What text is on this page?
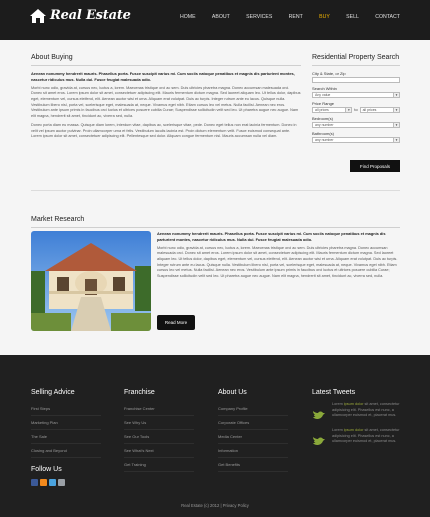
Real Estate	HOME	ABOUT	SERVICES	RENT	BUY	SELL	CONTACT
About Buying

Aenean nonummy hendrerit mauris. Phasellus porta. Fusce suscipit varius mi. Cum sociis natoque penatibus et magnis dis parturient montes, nascetur ridiculus mus. Nulla dui. Fusce feugiat malesuada odio.

Morbi nunc odio, gravida at, cursus nec, luctus a, lorem. Maecenas tristique orci ac sem. Duis ultricies pharetra magna. Donec accumsan malesuada orci. Donec sit amet eros. Lorem ipsum dolor sit amet, consectetuer adipiscing elit. Mauris fermentum dictum magna. Sed laoreet aliquam leo. Ut tellus dolor, dapibus eget, elementum vel, cursus eleifend, elit. Aenean auctor wisi et urna. Aliquam erat volutpat. Duis ac turpis. Integer rutrum ante eu lacus. Quisque nulla. Vestibulum libero nisl, porta vel, scelerisque eget, malesuada at, neque. Vivamus eget nibh. Etiam cursus leo vel metus. Nulla facilisi. Aenean nec eros. Vestibulum ante ipsum primis in faucibus orci luctus et ultrices posuere cubilia Curae; Suspendisse sollicitudin velit sed leo. Ut pharetra augue nec augue. Nam elit magna, hendrerit sit amet, tincidunt ac, viverra sed, nulla.

Donec porta diam eu massa. Quisque diam lorem, interdum vitae, dapibus ac, scelerisque vitae, pede. Donec eget tellus non erat lacinia fermentum. Donec in velit vel ipsum auctor pulvinar. Proin ullamcorper urna et felis. Vestibulum iaculis lacinia est. Proin dictum elementum velit. Fusce euismod consequat ante. Lorem ipsum dolor sit amet, consectetuer adipiscing elit. Pellentesque sed dolor. Aliquam congue fermentum nisl. Mauris accumsan nulla vel diam.

Residential Property Search
City & State, or Zip
Search Within
Any value	▼
Price Range
all prices	▼ to	all prices	▼
Bedroom(s)
any number	▼
Bathroom(s)
any number	▼
Find Proposals
Market Research

Aenean nonummy hendrerit mauris. Phasellus porta. Fusce suscipit varius mi. Cum sociis natoque penatibus et magnis dis parturient montes, nascetur ridiculus mus. Nulla dui. Fusce feugiat malesuada odio.

Morbi nunc odio, gravida at, cursus nec, luctus a, lorem. Maecenas tristique orci ac sem. Duis ultricies pharetra magna. Donec accumsan malesuada orci. Donec sit amet eros. Lorem ipsum dolor sit amet, consectetuer adipiscing elit. Mauris fermentum dictum magna. Sed laoreet aliquam leo. Ut tellus dolor, dapibus eget, elementum vel, cursus eleifend, elit. Aenean auctor wisi et urna. Aliquam erat volutpat. Duis ac turpis. Integer rutrum ante eu lacus. Quisque nulla. Vestibulum libero nisl, porta vel, scelerisque eget, malesuada at, neque. Vivamus eget nibh. Etiam cursus leo vel metus. Nulla facilisi. Aenean nec eros. Vestibulum ante ipsum primis in faucibus orci luctus et ultrices posuere cubilia Curae; Suspendisse sollicitudin velit sed leo. Ut pharetra augue nec augue. Nam elit magna, hendrerit sit amet, tincidunt ac, viverra sed, nulla.

Read More
Selling Advice
First Steps
Marketing Plan
The Sale
Closing and Beyond
Franchise
Franchise Center
See Why Us
See Our Tools
See What's Next
Get Training
About Us
Company Profile
Corporate Offices
Media Center
Information
Get Benefits
Latest Tweets
Lorem ipsum dolor sit amet, consectetur adipisicing elit. Phasellus est nunc, a ullamcorper euismod et, placerat mus.
Lorem ipsum dolor sit amet, consectetur adipisicing elit. Phasellus est nunc, a ullamcorper euismod et, placerat mus.
Follow Us
Real Estate (c) 2012 | Privacy Policy
